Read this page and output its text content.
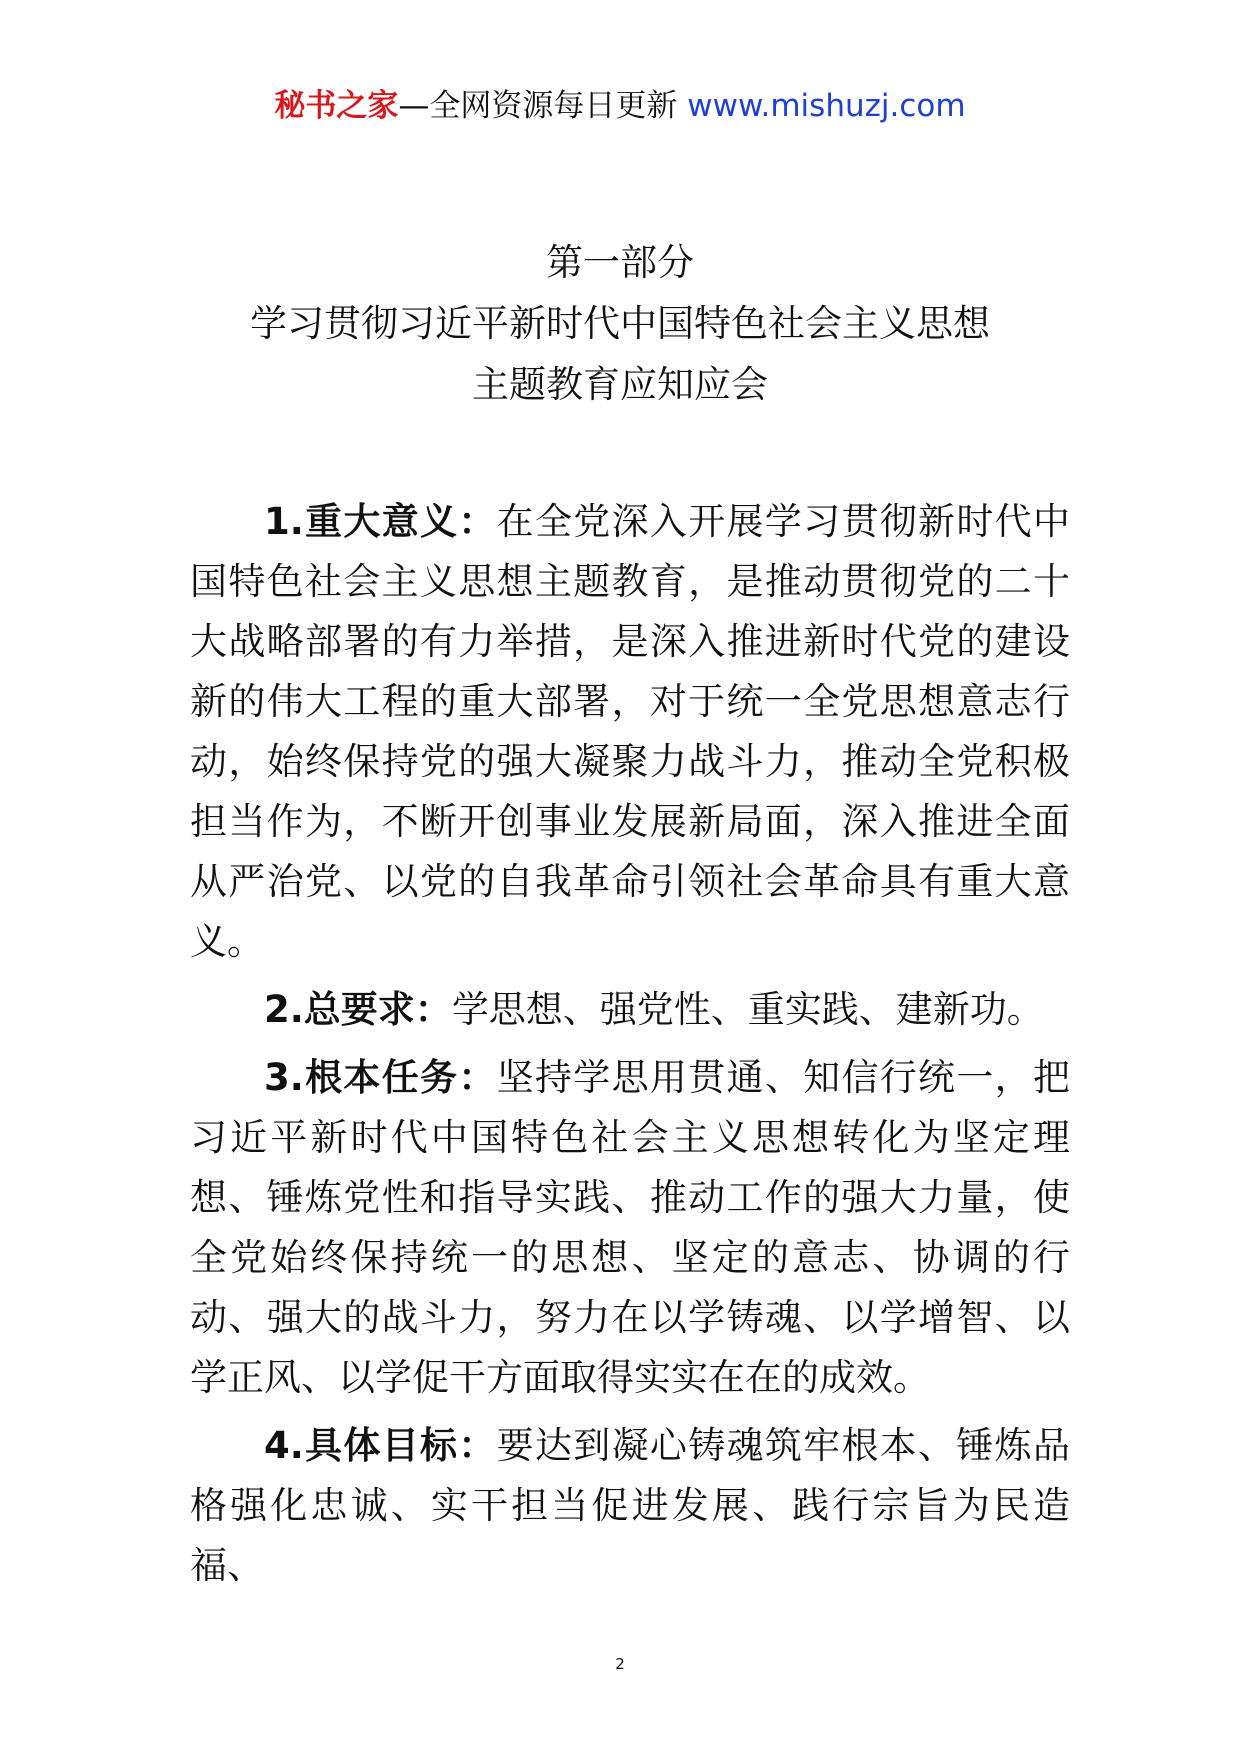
秘书之家—全网资源每日更新 www.mishuzj.com
第一部分
学习贯彻习近平新时代中国特色社会主义思想
主题教育应知应会

1.重大意义：在全党深入开展学习贯彻新时代中国特色社会主义思想主题教育，是推动贯彻党的二十大战略部署的有力举措，是深入推进新时代党的建设新的伟大工程的重大部署，对于统一全党思想意志行动，始终保持党的强大凝聚力战斗力，推动全党积极担当作为，不断开创事业发展新局面，深入推进全面从严治党、以党的自我革命引领社会革命具有重大意义。

2.总要求：学思想、强党性、重实践、建新功。

3.根本任务：坚持学思用贯通、知信行统一，把习近平新时代中国特色社会主义思想转化为坚定理想、锤炼党性和指导实践、推动工作的强大力量，使全党始终保持统一的思想、坚定的意志、协调的行动、强大的战斗力，努力在以学铸魂、以学增智、以学正风、以学促干方面取得实实在在的成效。

4.具体目标：要达到凝心铸魂筑牢根本、锤炼品格强化忠诚、实干担当促进发展、践行宗旨为民造福、

2
